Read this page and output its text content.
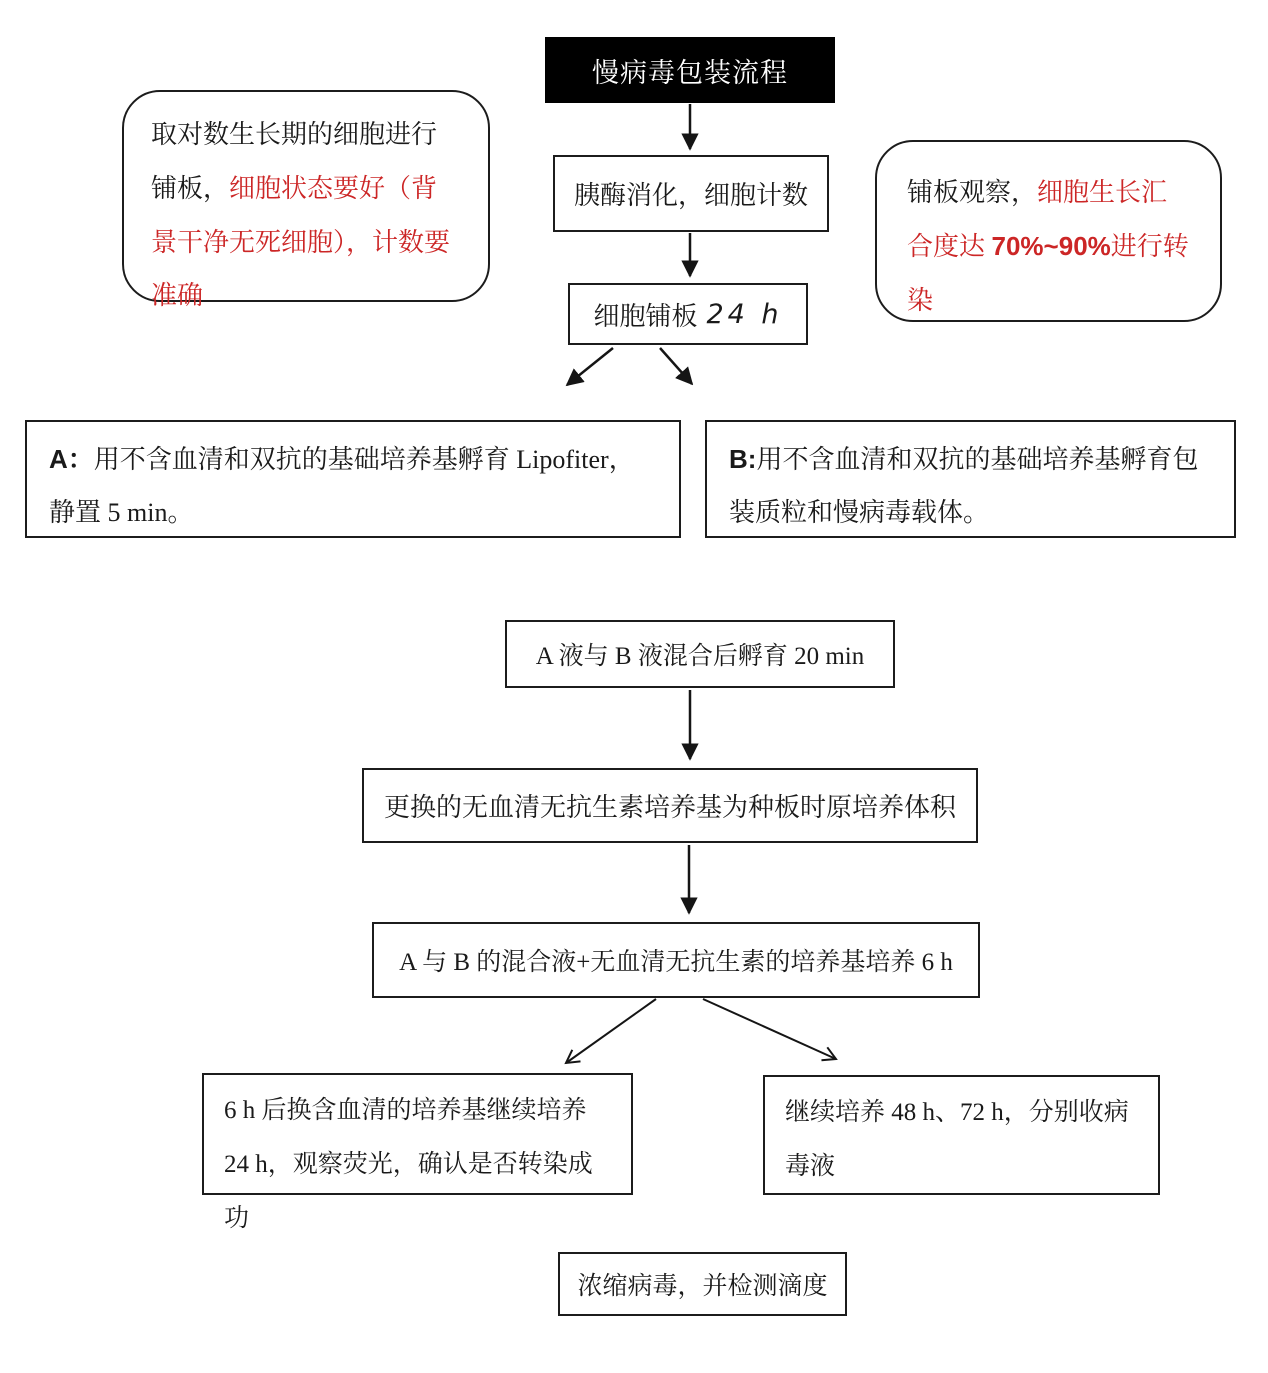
慢病毒包装流程
取对数生长期的细胞进行铺板，细胞状态要好（背景干净无死细胞），计数要准确
铺板观察，细胞生长汇合度达 70%~90%进行转染
胰酶消化，细胞计数
细胞铺板 24 h
A：用不含血清和双抗的基础培养基孵育 Lipofiter，静置 5 min。
B:用不含血清和双抗的基础培养基孵育包装质粒和慢病毒载体。
A 液与 B 液混合后孵育 20 min
更换的无血清无抗生素培养基为种板时原培养体积
A 与 B 的混合液+无血清无抗生素的培养基培养 6 h
6 h 后换含血清的培养基继续培养 24 h，观察荧光，确认是否转染成功
继续培养 48 h、72 h，分别收病毒液
浓缩病毒，并检测滴度
